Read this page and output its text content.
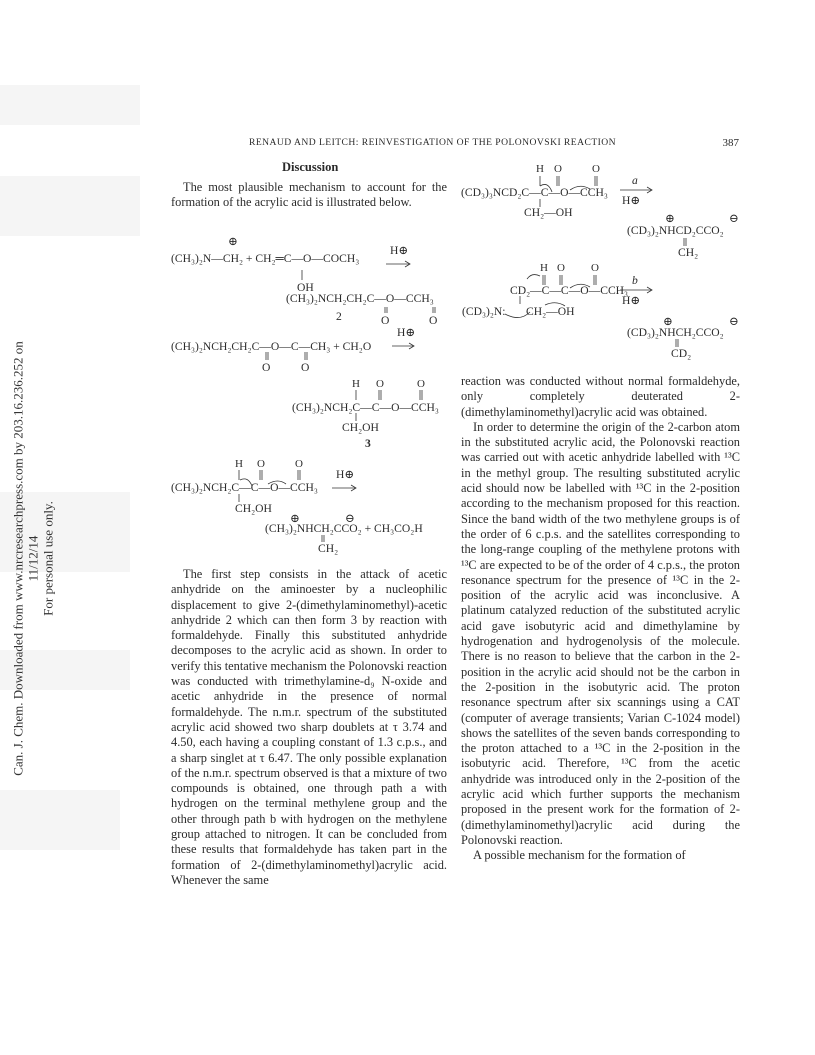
Can. J. Chem. Downloaded from www.nrcresearchpress.com by 203.16.236.252 on 11/12/14 For personal use only.
RENAUD AND LEITCH: REINVESTIGATION OF THE POLONOVSKI REACTION	387
Discussion

The most plausible mechanism to account for the formation of the acrylic acid is illustrated below.

⊕
(CH₃)₂N—CH₂ + CH₂═C—O—COCH₃
H⊕
OH
(CH₃)₂NCH₂CH₂C—O—CCH₃
2	O	O
(CH₃)₂NCH₂CH₂C—O—C—CH₃ + CH₂O
H⊕
O	O
H O	O
(CH₃)₂NCH₂C—C—O—CCH₃
CH₂OH
3
H O	O
(CH₃)₂NCH₂C—C—O—CCH₃
H⊕
CH₂OH
⊕	⊖
(CH₃)₂NHCH₂CCO₂ + CH₃CO₂H
CH₂

The first step consists in the attack of acetic anhydride on the aminoester by a nucleophilic displacement to give 2-(dimethylaminomethyl)-acetic anhydride 2 which can then form 3 by reaction with formaldehyde. Finally this substituted anhydride decomposes to the acrylic acid as shown. In order to verify this tentative mechanism the Polonovski reaction was conducted with trimethylamine-d₉ N-oxide and acetic anhydride in the presence of normal formaldehyde. The n.m.r. spectrum of the substituted acrylic acid showed two sharp doublets at τ 3.74 and 4.50, each having a coupling constant of 1.3 c.p.s., and a sharp singlet at τ 6.47. The only possible explanation of the n.m.r. spectrum observed is that a mixture of two compounds is obtained, one through path a with hydrogen on the terminal methylene group and the other through path b with hydrogen on the methylene group attached to nitrogen. It can be concluded from these results that formaldehyde has taken part in the formation of 2-(dimethylaminomethyl)acrylic acid. Whenever the same

H O	O
(CD₃)₃NCD₂C—C—O—CCH₃
a
H⊕
CH₂—OH	⊕	⊖
(CD₃)₂NHCD₂CCO₂
CH₂
H O O
CD₂ —C—C—O—CCH₃
(CD₃)₂N: CH₂—OH
b
H⊕
⊕	⊖
(CD₃)₂NHCH₂CCO₂
CD₂

reaction was conducted without normal formaldehyde, only completely deuterated 2-(dimethylaminomethyl)acrylic acid was obtained.

In order to determine the origin of the 2-carbon atom in the substituted acrylic acid, the Polonovski reaction was carried out with acetic anhydride labelled with ¹³C in the methyl group. The resulting substituted acrylic acid should now be labelled with ¹³C in the 2-position according to the mechanism proposed for this reaction. Since the band width of the two methylene groups is of the order of 6 c.p.s. and the satellites corresponding to the long-range coupling of the methylene protons with ¹³C are expected to be of the order of 4 c.p.s., the proton resonance spectrum for the presence of ¹³C in the 2-position of the acrylic acid was inconclusive. A platinum catalyzed reduction of the substituted acrylic acid gave isobutyric acid and dimethylamine by hydrogenation and hydrogenolysis of the molecule. There is no reason to believe that the carbon in the 2-position in the acrylic acid should not be the carbon in the 2-position in the isobutyric acid. The proton resonance spectrum after six scannings using a CAT (computer of average transients; Varian C-1024 model) shows the satellites of the seven bands corresponding to the proton attached to a ¹³C in the 2-position in the isobutyric acid. Therefore, ¹³C from the acetic anhydride was introduced only in the 2-position of the acrylic acid which further supports the mechanism proposed in the present work for the formation of 2-(dimethylaminomethyl)acrylic acid during the Polonovski reaction.

A possible mechanism for the formation of
